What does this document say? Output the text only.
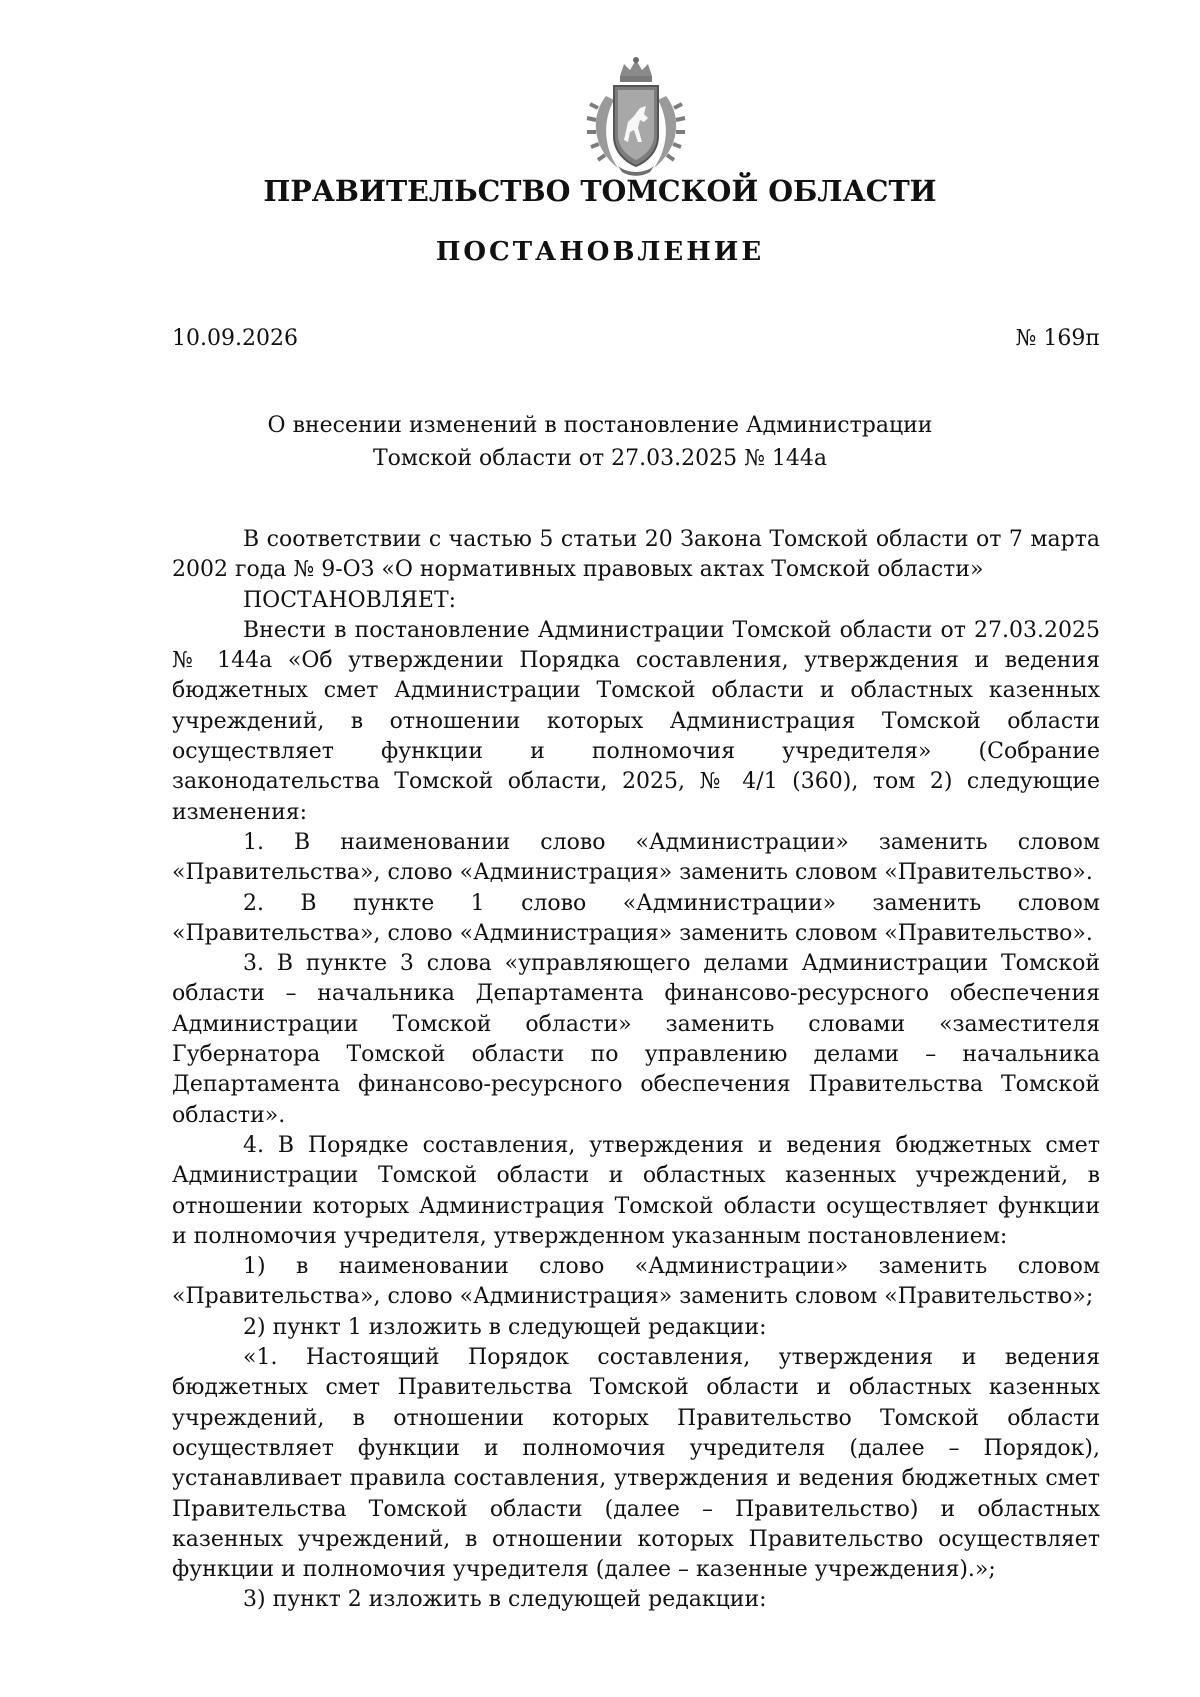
ПРАВИТЕЛЬСТВО ТОМСКОЙ ОБЛАСТИ
ПОСТАНОВЛЕНИЕ
10.09.2026	№ 169п
О внесении изменений в постановление Администрации
Томской области от 27.03.2025 № 144а

В соответствии с частью 5 статьи 20 Закона Томской области от 7 марта 2002 года № 9-ОЗ «О нормативных правовых актах Томской области»

ПОСТАНОВЛЯЕТ:

Внести в постановление Администрации Томской области от 27.03.2025 № 144а «Об утверждении Порядка составления, утверждения и ведения бюджетных смет Администрации Томской области и областных казенных учреждений, в отношении которых Администрация Томской области осуществляет функции и полномочия учредителя» (Собрание законодательства Томской области, 2025, № 4/1 (360), том 2) следующие изменения:

1. В наименовании слово «Администрации» заменить словом «Правительства», слово «Администрация» заменить словом «Правительство».

2. В пункте 1 слово «Администрации» заменить словом «Правительства», слово «Администрация» заменить словом «Правительство».

3. В пункте 3 слова «управляющего делами Администрации Томской области – начальника Департамента финансово-ресурсного обеспечения Администрации Томской области» заменить словами «заместителя Губернатора Томской области по управлению делами – начальника Департамента финансово-ресурсного обеспечения Правительства Томской области».

4. В Порядке составления, утверждения и ведения бюджетных смет Администрации Томской области и областных казенных учреждений, в отношении которых Администрация Томской области осуществляет функции и полномочия учредителя, утвержденном указанным постановлением:

1) в наименовании слово «Администрации» заменить словом «Правительства», слово «Администрация» заменить словом «Правительство»;

2) пункт 1 изложить в следующей редакции:

«1. Настоящий Порядок составления, утверждения и ведения бюджетных смет Правительства Томской области и областных казенных учреждений, в отношении которых Правительство Томской области осуществляет функции и полномочия учредителя (далее – Порядок), устанавливает правила составления, утверждения и ведения бюджетных смет Правительства Томской области (далее – Правительство) и областных казенных учреждений, в отношении которых Правительство осуществляет функции и полномочия учредителя (далее – казенные учреждения).»;

3) пункт 2 изложить в следующей редакции:
